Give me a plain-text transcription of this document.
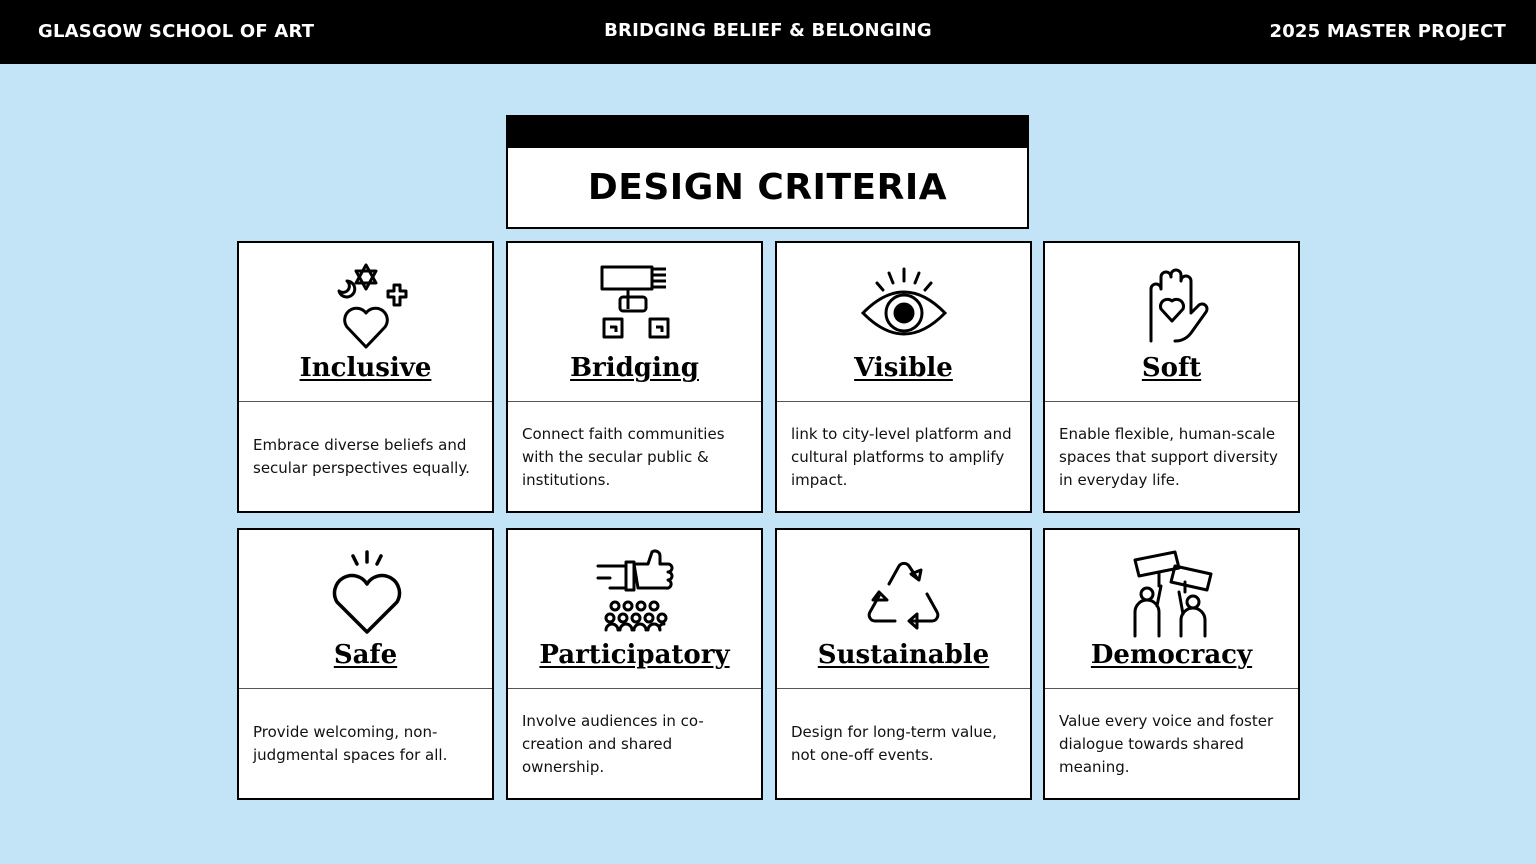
GLASGOW SCHOOL OF ART	BRIDGING BELIEF & BELONGING	2025 MASTER PROJECT
DESIGN CRITERIA
Inclusive
Embrace diverse beliefs and secular perspectives equally.
Bridging
Connect faith communities with the secular public & institutions.
Visible
link to city-level platform and cultural platforms to amplify impact.
Soft
Enable flexible, human-scale spaces that support diversity in everyday life.
Safe
Provide welcoming, non-judgmental spaces for all.
Participatory
Involve audiences in co-creation and shared ownership.
Sustainable
Design for long-term value, not one-off events.
Democracy
Value every voice and foster dialogue towards shared meaning.
